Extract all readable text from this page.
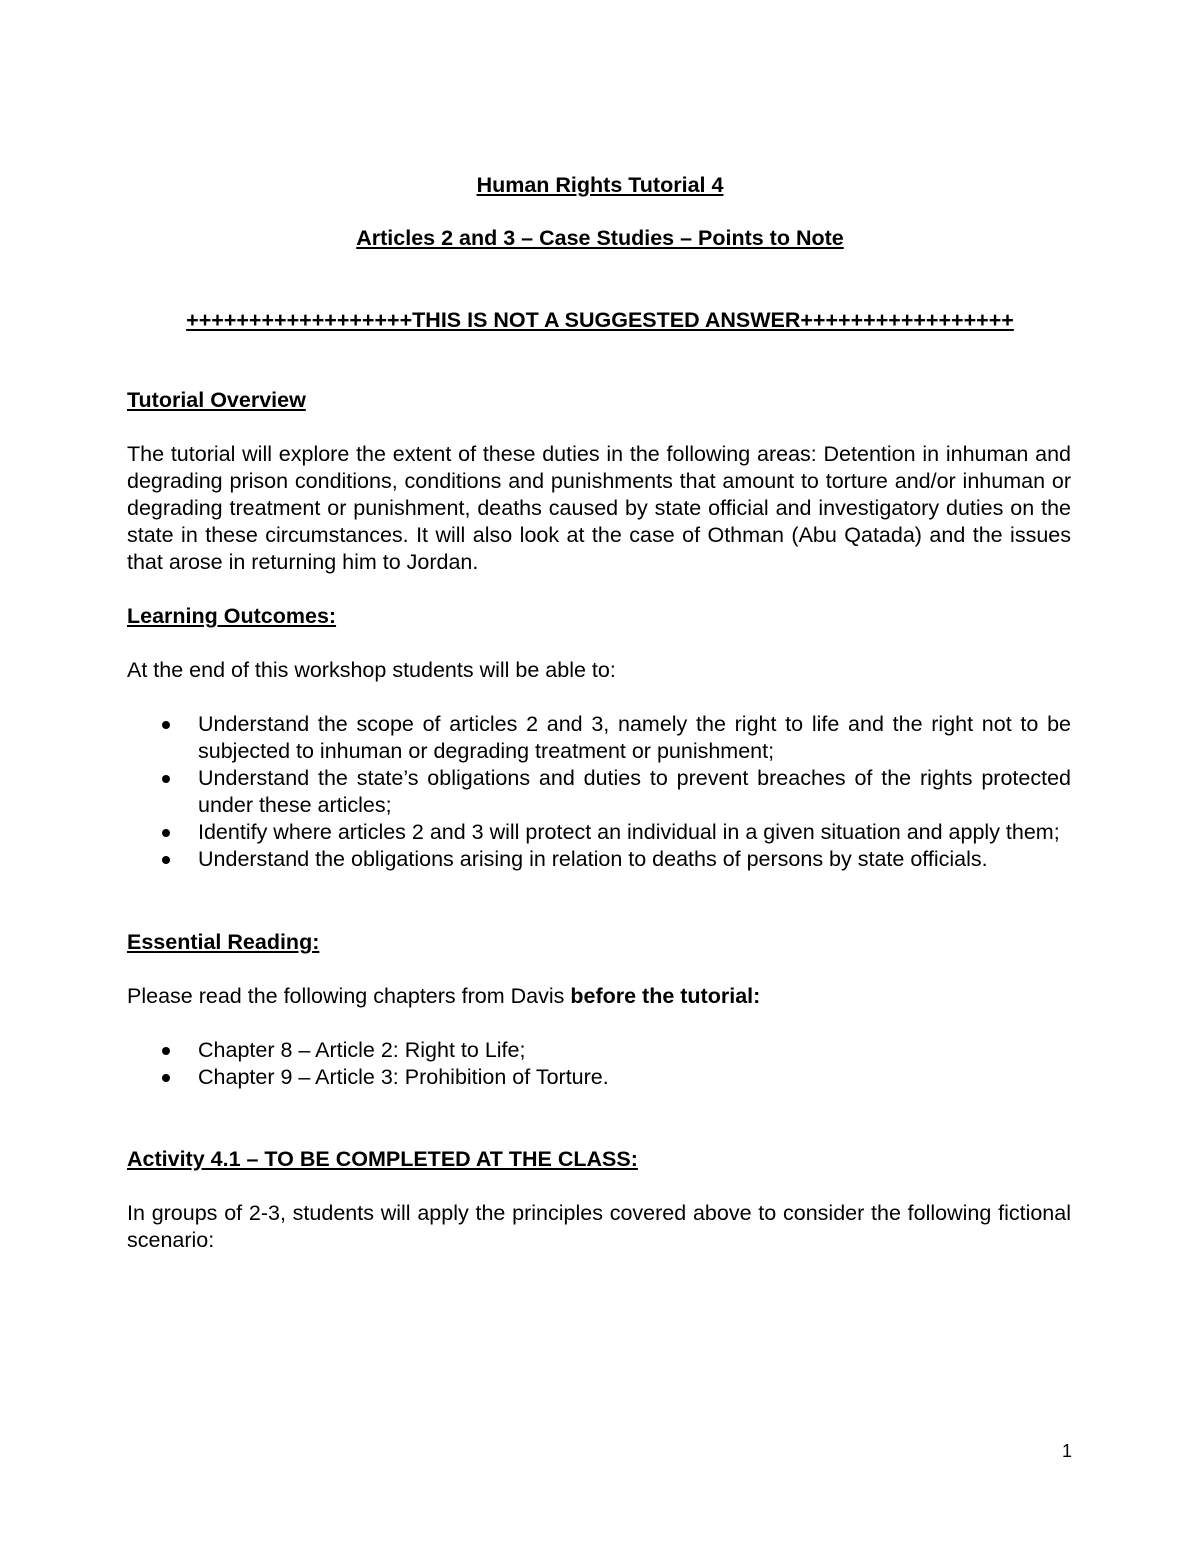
Human Rights Tutorial 4
Articles 2 and 3 – Case Studies – Points to Note
++++++++++++++++++THIS IS NOT A SUGGESTED ANSWER+++++++++++++++++
Tutorial Overview

The tutorial will explore the extent of these duties in the following areas: Detention in inhuman and degrading prison conditions, conditions and punishments that amount to torture and/or inhuman or degrading treatment or punishment, deaths caused by state official and investigatory duties on the state in these circumstances. It will also look at the case of Othman (Abu Qatada) and the issues that arose in returning him to Jordan.

Learning Outcomes:

At the end of this workshop students will be able to:

Understand the scope of articles 2 and 3, namely the right to life and the right not to be subjected to inhuman or degrading treatment or punishment;
Understand the state’s obligations and duties to prevent breaches of the rights protected under these articles;
Identify where articles 2 and 3 will protect an individual in a given situation and apply them;
Understand the obligations arising in relation to deaths of persons by state officials.
Essential Reading:

Please read the following chapters from Davis before the tutorial:

Chapter 8 – Article 2: Right to Life;
Chapter 9 – Article 3: Prohibition of Torture.
Activity 4.1 – TO BE COMPLETED AT THE CLASS:

In groups of 2-3, students will apply the principles covered above to consider the following fictional scenario:

1
